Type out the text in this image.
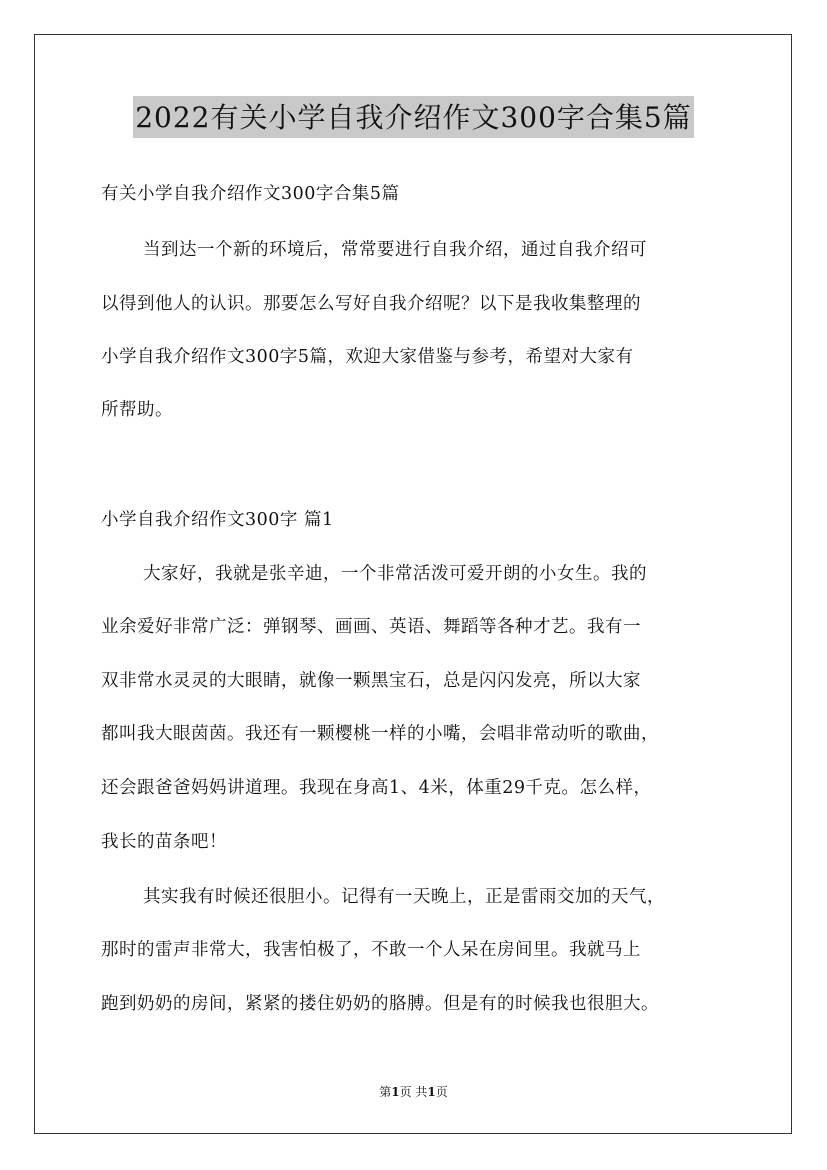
2022有关小学自我介绍作文300字合集5篇
有关小学自我介绍作文300字合集5篇
当到达一个新的环境后，常常要进行自我介绍，通过自我介绍可
以得到他人的认识。那要怎么写好自我介绍呢？以下是我收集整理的
小学自我介绍作文300字5篇，欢迎大家借鉴与参考，希望对大家有
所帮助。
小学自我介绍作文300字 篇1
大家好，我就是张辛迪，一个非常活泼可爱开朗的小女生。我的
业余爱好非常广泛：弹钢琴、画画、英语、舞蹈等各种才艺。我有一
双非常水灵灵的大眼睛，就像一颗黑宝石，总是闪闪发亮，所以大家
都叫我大眼茵茵。我还有一颗樱桃一样的小嘴，会唱非常动听的歌曲，
还会跟爸爸妈妈讲道理。我现在身高1、4米，体重29千克。怎么样，
我长的苗条吧！
其实我有时候还很胆小。记得有一天晚上，正是雷雨交加的天气，
那时的雷声非常大，我害怕极了，不敢一个人呆在房间里。我就马上
跑到奶奶的房间，紧紧的搂住奶奶的胳膊。但是有的时候我也很胆大。
第1页 共1页
